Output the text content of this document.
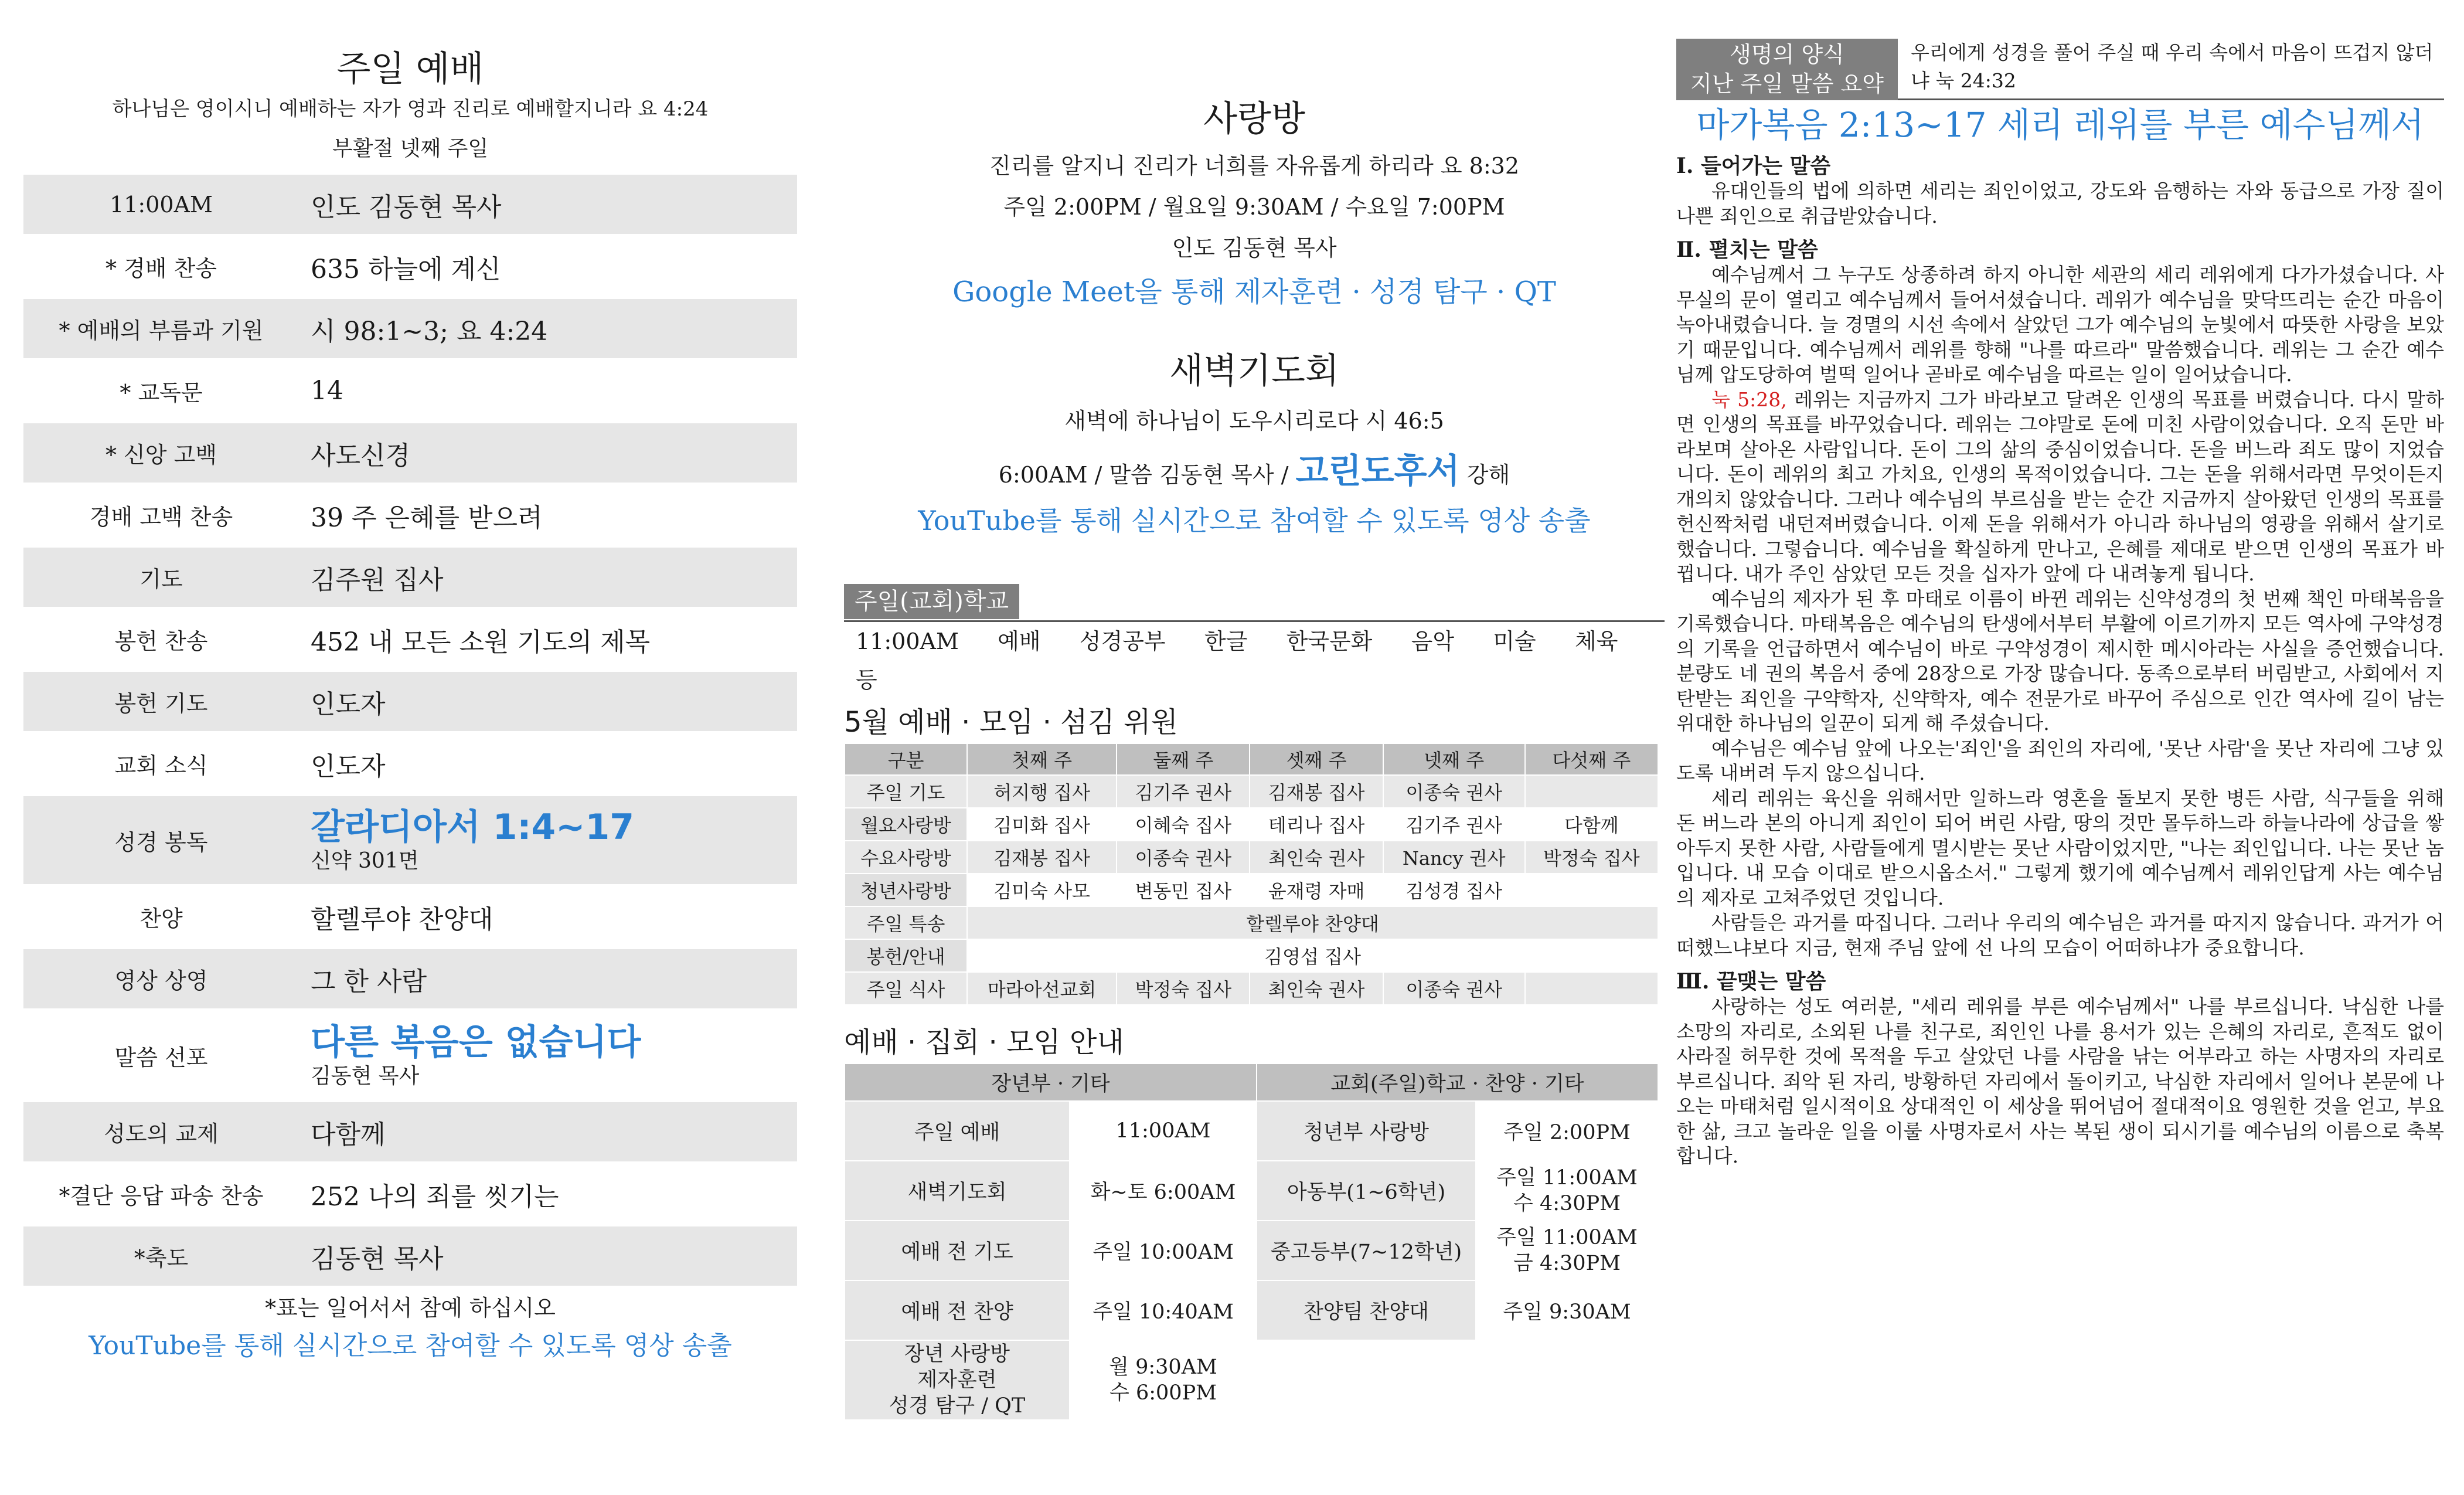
주일 예배
하나님은 영이시니 예배하는 자가 영과 진리로 예배할지니라 요 4:24
부활절 넷째 주일
11:00AM	인도 김동현 목사
* 경배 찬송	635 하늘에 계신
* 예배의 부름과 기원	시 98:1~3; 요 4:24
* 교독문	14
* 신앙 고백	사도신경
경배 고백 찬송	39 주 은혜를 받으려
기도	김주원 집사
봉헌 찬송	452 내 모든 소원 기도의 제목
봉헌 기도	인도자
교회 소식	인도자
성경 봉독	갈라디아서 1:4~17
신약 301면
찬양	할렐루야 찬양대
영상 상영	그 한 사람
말씀 선포	다른 복음은 없습니다
김동현 목사
성도의 교제	다함께
*결단 응답 파송 찬송	252 나의 죄를 씻기는
*축도	김동현 목사
*표는 일어서서 참예 하십시오
YouTube를 통해 실시간으로 참여할 수 있도록 영상 송출
사랑방
진리를 알지니 진리가 너희를 자유롭게 하리라 요 8:32
주일 2:00PM / 월요일 9:30AM / 수요일 7:00PM
인도 김동현 목사
Google Meet을 통해 제자훈련 · 성경 탐구 · QT
새벽기도회
새벽에 하나님이 도우시리로다 시 46:5
6:00AM / 말씀 김동현 목사 / 고린도후서 강해
YouTube를 통해 실시간으로 참여할 수 있도록 영상 송출
주일(교회)학교
11:00AM 예배 성경공부 한글 한국문화 음악 미술 체육   등
5월 예배 · 모임 · 섬김 위원
구분	첫째 주	둘째 주	셋째 주	넷째 주	다섯째 주
주일 기도	허지행 집사	김기주 권사	김재봉 집사	이종숙 권사	
월요사랑방	김미화 집사	이혜숙 집사	테리나 집사	김기주 권사	다함께
수요사랑방	김재봉 집사	이종숙 권사	최인숙 권사	Nancy 권사	박정숙 집사
청년사랑방	김미숙 사모	변동민 집사	윤재령 자매	김성경 집사	
주일 특송	할렐루야 찬양대				
봉헌/안내	김영섭 집사				
주일 식사	마라아선교회	박정숙 집사	최인숙 권사	이종숙 권사	
예배 · 집회 · 모임 안내
장년부 · 기타		교회(주일)학교 · 찬양 · 기타	
주일 예배	11:00AM	청년부 사랑방	주일 2:00PM
새벽기도회	화~토 6:00AM	아동부(1~6학년)	주일 11:00AM
수 4:30PM
예배 전 기도	주일 10:00AM	중고등부(7~12학년)	주일 11:00AM
금 4:30PM
예배 전 찬양	주일 10:40AM	찬양팀 찬양대	주일 9:30AM
장년 사랑방
제자훈련
성경 탐구 / QT	월 9:30AM
수 6:00PM		
생명의 양식
지난 주일 말씀 요약
우리에게 성경을 풀어 주실 때 우리 속에서 마음이 뜨겁지 않더냐 눅 24:32
마가복음 2:13~17 세리 레위를 부른 예수님께서
Ⅰ. 들어가는 말씀

유대인들의 법에 의하면 세리는 죄인이었고, 강도와 음행하는 자와 동급으로 가장 질이 나쁜 죄인으로 취급받았습니다.

Ⅱ. 펼치는 말씀

예수님께서 그 누구도 상종하려 하지 아니한 세관의 세리 레위에게 다가가셨습니다. 사무실의 문이 열리고 예수님께서 들어서셨습니다. 레위가 예수님을 맞닥뜨리는 순간 마음이 녹아내렸습니다. 늘 경멸의 시선 속에서 살았던 그가 예수님의 눈빛에서 따뜻한 사랑을 보았기 때문입니다. 예수님께서 레위를 향해 "나를 따르라" 말씀했습니다. 레위는 그 순간 예수님께 압도당하여 벌떡 일어나 곧바로 예수님을 따르는 일이 일어났습니다.

눅 5:28, 레위는 지금까지 그가 바라보고 달려온 인생의 목표를 버렸습니다. 다시 말하면 인생의 목표를 바꾸었습니다. 레위는 그야말로 돈에 미친 사람이었습니다. 오직 돈만 바라보며 살아온 사람입니다. 돈이 그의 삶의 중심이었습니다. 돈을 버느라 죄도 많이 지었습니다. 돈이 레위의 최고 가치요, 인생의 목적이었습니다. 그는 돈을 위해서라면 무엇이든지 개의치 않았습니다. 그러나 예수님의 부르심을 받는 순간 지금까지 살아왔던 인생의 목표를 헌신짝처럼 내던져버렸습니다. 이제 돈을 위해서가 아니라 하나님의 영광을 위해서 살기로 했습니다. 그렇습니다. 예수님을 확실하게 만나고, 은혜를 제대로 받으면 인생의 목표가 바뀝니다. 내가 주인 삼았던 모든 것을 십자가 앞에 다 내려놓게 됩니다.

예수님의 제자가 된 후 마태로 이름이 바뀐 레위는 신약성경의 첫 번째 책인 마태복음을 기록했습니다. 마태복음은 예수님의 탄생에서부터 부활에 이르기까지 모든 역사에 구약성경의 기록을 언급하면서 예수님이 바로 구약성경이 제시한 메시아라는 사실을 증언했습니다. 분량도 네 권의 복음서 중에 28장으로 가장 많습니다. 동족으로부터 버림받고, 사회에서 지탄받는 죄인을 구약학자, 신약학자, 예수 전문가로 바꾸어 주심으로 인간 역사에 길이 남는 위대한 하나님의 일꾼이 되게 해 주셨습니다.

예수님은 예수님 앞에 나오는'죄인'을 죄인의 자리에, '못난 사람'을 못난 자리에 그냥 있도록 내버려 두지 않으십니다.

세리 레위는 육신을 위해서만 일하느라 영혼을 돌보지 못한 병든 사람, 식구들을 위해 돈 버느라 본의 아니게 죄인이 되어 버린 사람, 땅의 것만 몰두하느라 하늘나라에 상급을 쌓아두지 못한 사람, 사람들에게 멸시받는 못난 사람이었지만, "나는 죄인입니다. 나는 못난 놈입니다. 내 모습 이대로 받으시옵소서." 그렇게 했기에 예수님께서 레위인답게 사는 예수님의 제자로 고쳐주었던 것입니다.

사람들은 과거를 따집니다. 그러나 우리의 예수님은 과거를 따지지 않습니다. 과거가 어떠했느냐보다 지금, 현재 주님 앞에 선 나의 모습이 어떠하냐가 중요합니다.

Ⅲ. 끝맺는 말씀

사랑하는 성도 여러분, "세리 레위를 부른 예수님께서" 나를 부르십니다. 낙심한 나를 소망의 자리로, 소외된 나를 친구로, 죄인인 나를 용서가 있는 은혜의 자리로, 흔적도 없이 사라질 허무한 것에 목적을 두고 살았던 나를 사람을 낚는 어부라고 하는 사명자의 자리로 부르십니다. 죄악 된 자리, 방황하던 자리에서 돌이키고, 낙심한 자리에서 일어나 본문에 나오는 마태처럼 일시적이요 상대적인 이 세상을 뛰어넘어 절대적이요 영원한 것을 얻고, 부요한 삶, 크고 놀라운 일을 이룰 사명자로서 사는 복된 생이 되시기를 예수님의 이름으로 축복합니다.
